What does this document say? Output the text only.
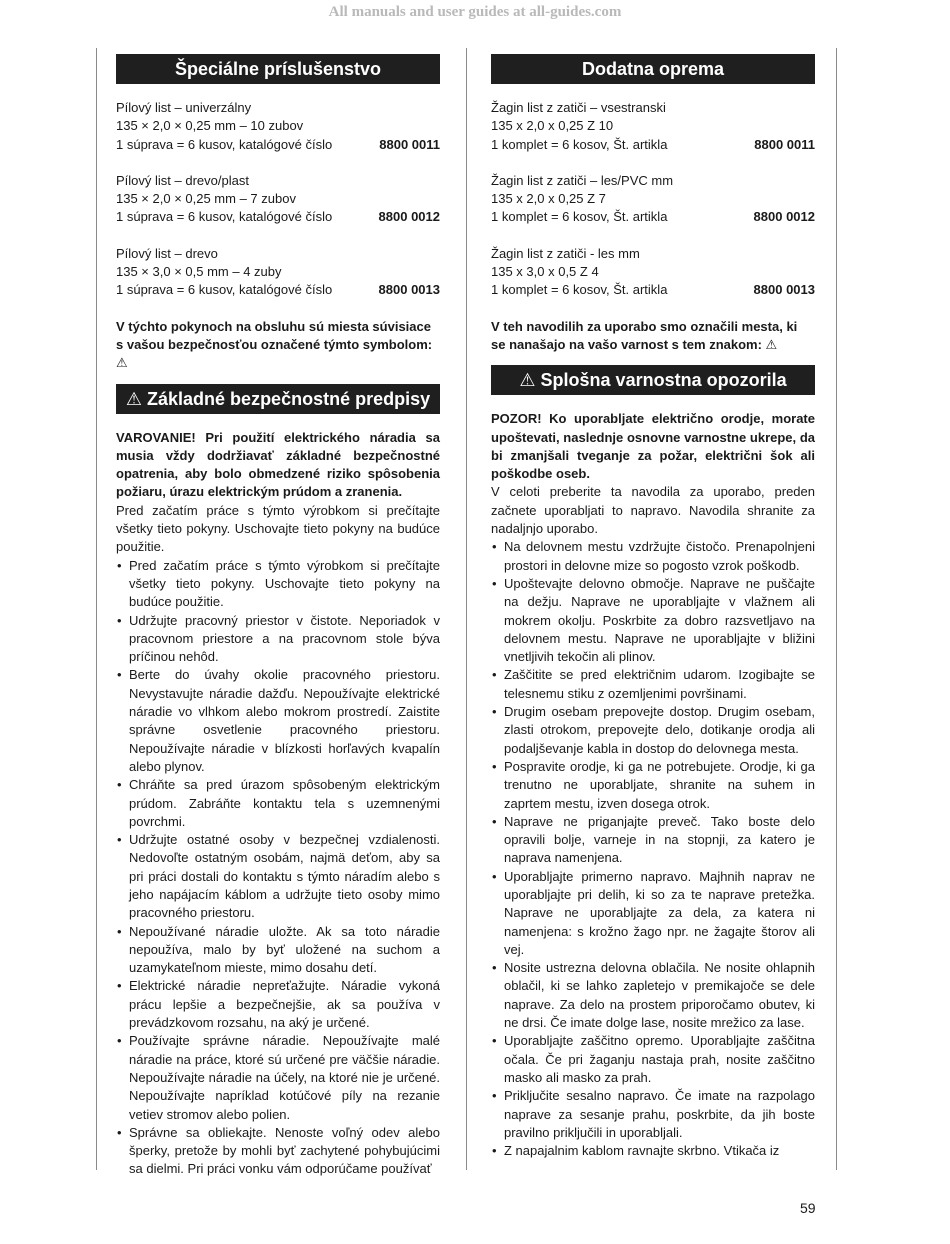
All manuals and user guides at all-guides.com
Špeciálne príslušenstvo
Pílový list – univerzálny
135 × 2,0 × 0,25 mm – 10 zubov
1 súprava = 6 kusov, katalógové číslo	8800 0011
Pílový list – drevo/plast
135 × 2,0 × 0,25 mm – 7 zubov
1 súprava = 6 kusov, katalógové číslo	8800 0012
Pílový list – drevo
135 × 3,0 × 0,5 mm – 4 zuby
1 súprava = 6 kusov, katalógové číslo	8800 0013
V týchto pokynoch na obsluhu sú miesta súvisiace s vašou bezpečnosťou označené týmto symbolom: ⚠
⚠ Základné bezpečnostné predpisy
VAROVANIE! Pri použití elektrického náradia sa musia vždy dodržiavať základné bezpečnostné opatrenia, aby bolo obmedzené riziko spôsobenia požiaru, úrazu elektrickým prúdom a zranenia.
Pred začatím práce s týmto výrobkom si prečítajte všetky tieto pokyny. Uschovajte tieto pokyny na budúce použitie.
• Pred začatím práce s týmto výrobkom si prečítajte všetky tieto pokyny. Uschovajte tieto pokyny na budúce použitie.
• Udržujte pracovný priestor v čistote. Neporiadok v pracovnom priestore a na pracovnom stole býva príčinou nehôd.
• Berte do úvahy okolie pracovného priestoru. Nevystavujte náradie dažďu. Nepoužívajte elektrické náradie vo vlhkom alebo mokrom prostredí. Zaistite správne osvetlenie pracovného priestoru. Nepoužívajte náradie v blízkosti horľavých kvapalín alebo plynov.
• Chráňte sa pred úrazom spôsobeným elektrickým prúdom. Zabráňte kontaktu tela s uzemnenými povrchmi.
• Udržujte ostatné osoby v bezpečnej vzdialenosti. Nedovoľte ostatným osobám, najmä deťom, aby sa pri práci dostali do kontaktu s týmto náradím alebo s jeho napájacím káblom a udržujte tieto osoby mimo pracovného priestoru.
• Nepoužívané náradie uložte. Ak sa toto náradie nepoužíva, malo by byť uložené na suchom a uzamykateľnom mieste, mimo dosahu detí.
• Elektrické náradie nepreťažujte. Náradie vykoná prácu lepšie a bezpečnejšie, ak sa používa v prevádzkovom rozsahu, na aký je určené.
• Používajte správne náradie. Nepoužívajte malé náradie na práce, ktoré sú určené pre väčšie náradie. Nepoužívajte náradie na účely, na ktoré nie je určené. Nepoužívajte napríklad kotúčové píly na rezanie vetiev stromov alebo polien.
• Správne sa obliekajte. Nenoste voľný odev alebo šperky, pretože by mohli byť zachytené pohybujúcimi sa dielmi. Pri práci vonku vám odporúčame používať
Dodatna oprema
Žagin list z zatiči – vsestranski
135 x 2,0 x 0,25 Z 10
1 komplet = 6 kosov, Št. artikla	8800 0011
Žagin list z zatiči – les/PVC mm
135 x 2,0 x 0,25 Z 7
1 komplet = 6 kosov, Št. artikla	8800 0012
Žagin list z zatiči - les mm
135 x 3,0 x 0,5 Z 4
1 komplet = 6 kosov, Št. artikla	8800 0013
V teh navodilih za uporabo smo označili mesta, ki se nanašajo na vašo varnost s tem znakom: ⚠
⚠ Splošna varnostna opozorila
POZOR! Ko uporabljate električno orodje, morate upoštevati, naslednje osnovne varnostne ukrepe, da bi zmanjšali tveganje za požar, električni šok ali poškodbe oseb.
V celoti preberite ta navodila za uporabo, preden začnete uporabljati to napravo. Navodila shranite za nadaljnjo uporabo.
• Na delovnem mestu vzdržujte čistočo. Prenapolnjeni prostori in delovne mize so pogosto vzrok poškodb.
• Upoštevajte delovno območje. Naprave ne puščajte na dežju. Naprave ne uporabljajte v vlažnem ali mokrem okolju. Poskrbite za dobro razsvetljavo na delovnem mestu. Naprave ne uporabljajte v bližini vnetljivih tekočin ali plinov.
• Zaščitite se pred električnim udarom. Izogibajte se telesnemu stiku z ozemljenimi površinami.
• Drugim osebam prepovejte dostop. Drugim osebam, zlasti otrokom, prepovejte delo, dotikanje orodja ali podaljševanje kabla in dostop do delovnega mesta.
• Pospravite orodje, ki ga ne potrebujete. Orodje, ki ga trenutno ne uporabljate, shranite na suhem in zaprtem mestu, izven dosega otrok.
• Naprave ne priganjajte preveč. Tako boste delo opravili bolje, varneje in na stopnji, za katero je naprava namenjena.
• Uporabljajte primerno napravo. Majhnih naprav ne uporabljajte pri delih, ki so za te naprave pretežka. Naprave ne uporabljajte za dela, za katera ni namenjena: s krožno žago npr. ne žagajte štorov ali vej.
• Nosite ustrezna delovna oblačila. Ne nosite ohlapnih oblačil, ki se lahko zapletejo v premikajoče se dele naprave. Za delo na prostem priporočamo obutev, ki ne drsi. Če imate dolge lase, nosite mrežico za lase.
• Uporabljajte zaščitno opremo. Uporabljajte zaščitna očala. Če pri žaganju nastaja prah, nosite zaščitno masko ali masko za prah.
• Priključite sesalno napravo. Če imate na razpolago naprave za sesanje prahu, poskrbite, da jih boste pravilno priključili in uporabljali.
• Z napajalnim kablom ravnajte skrbno. Vtikača iz
59
